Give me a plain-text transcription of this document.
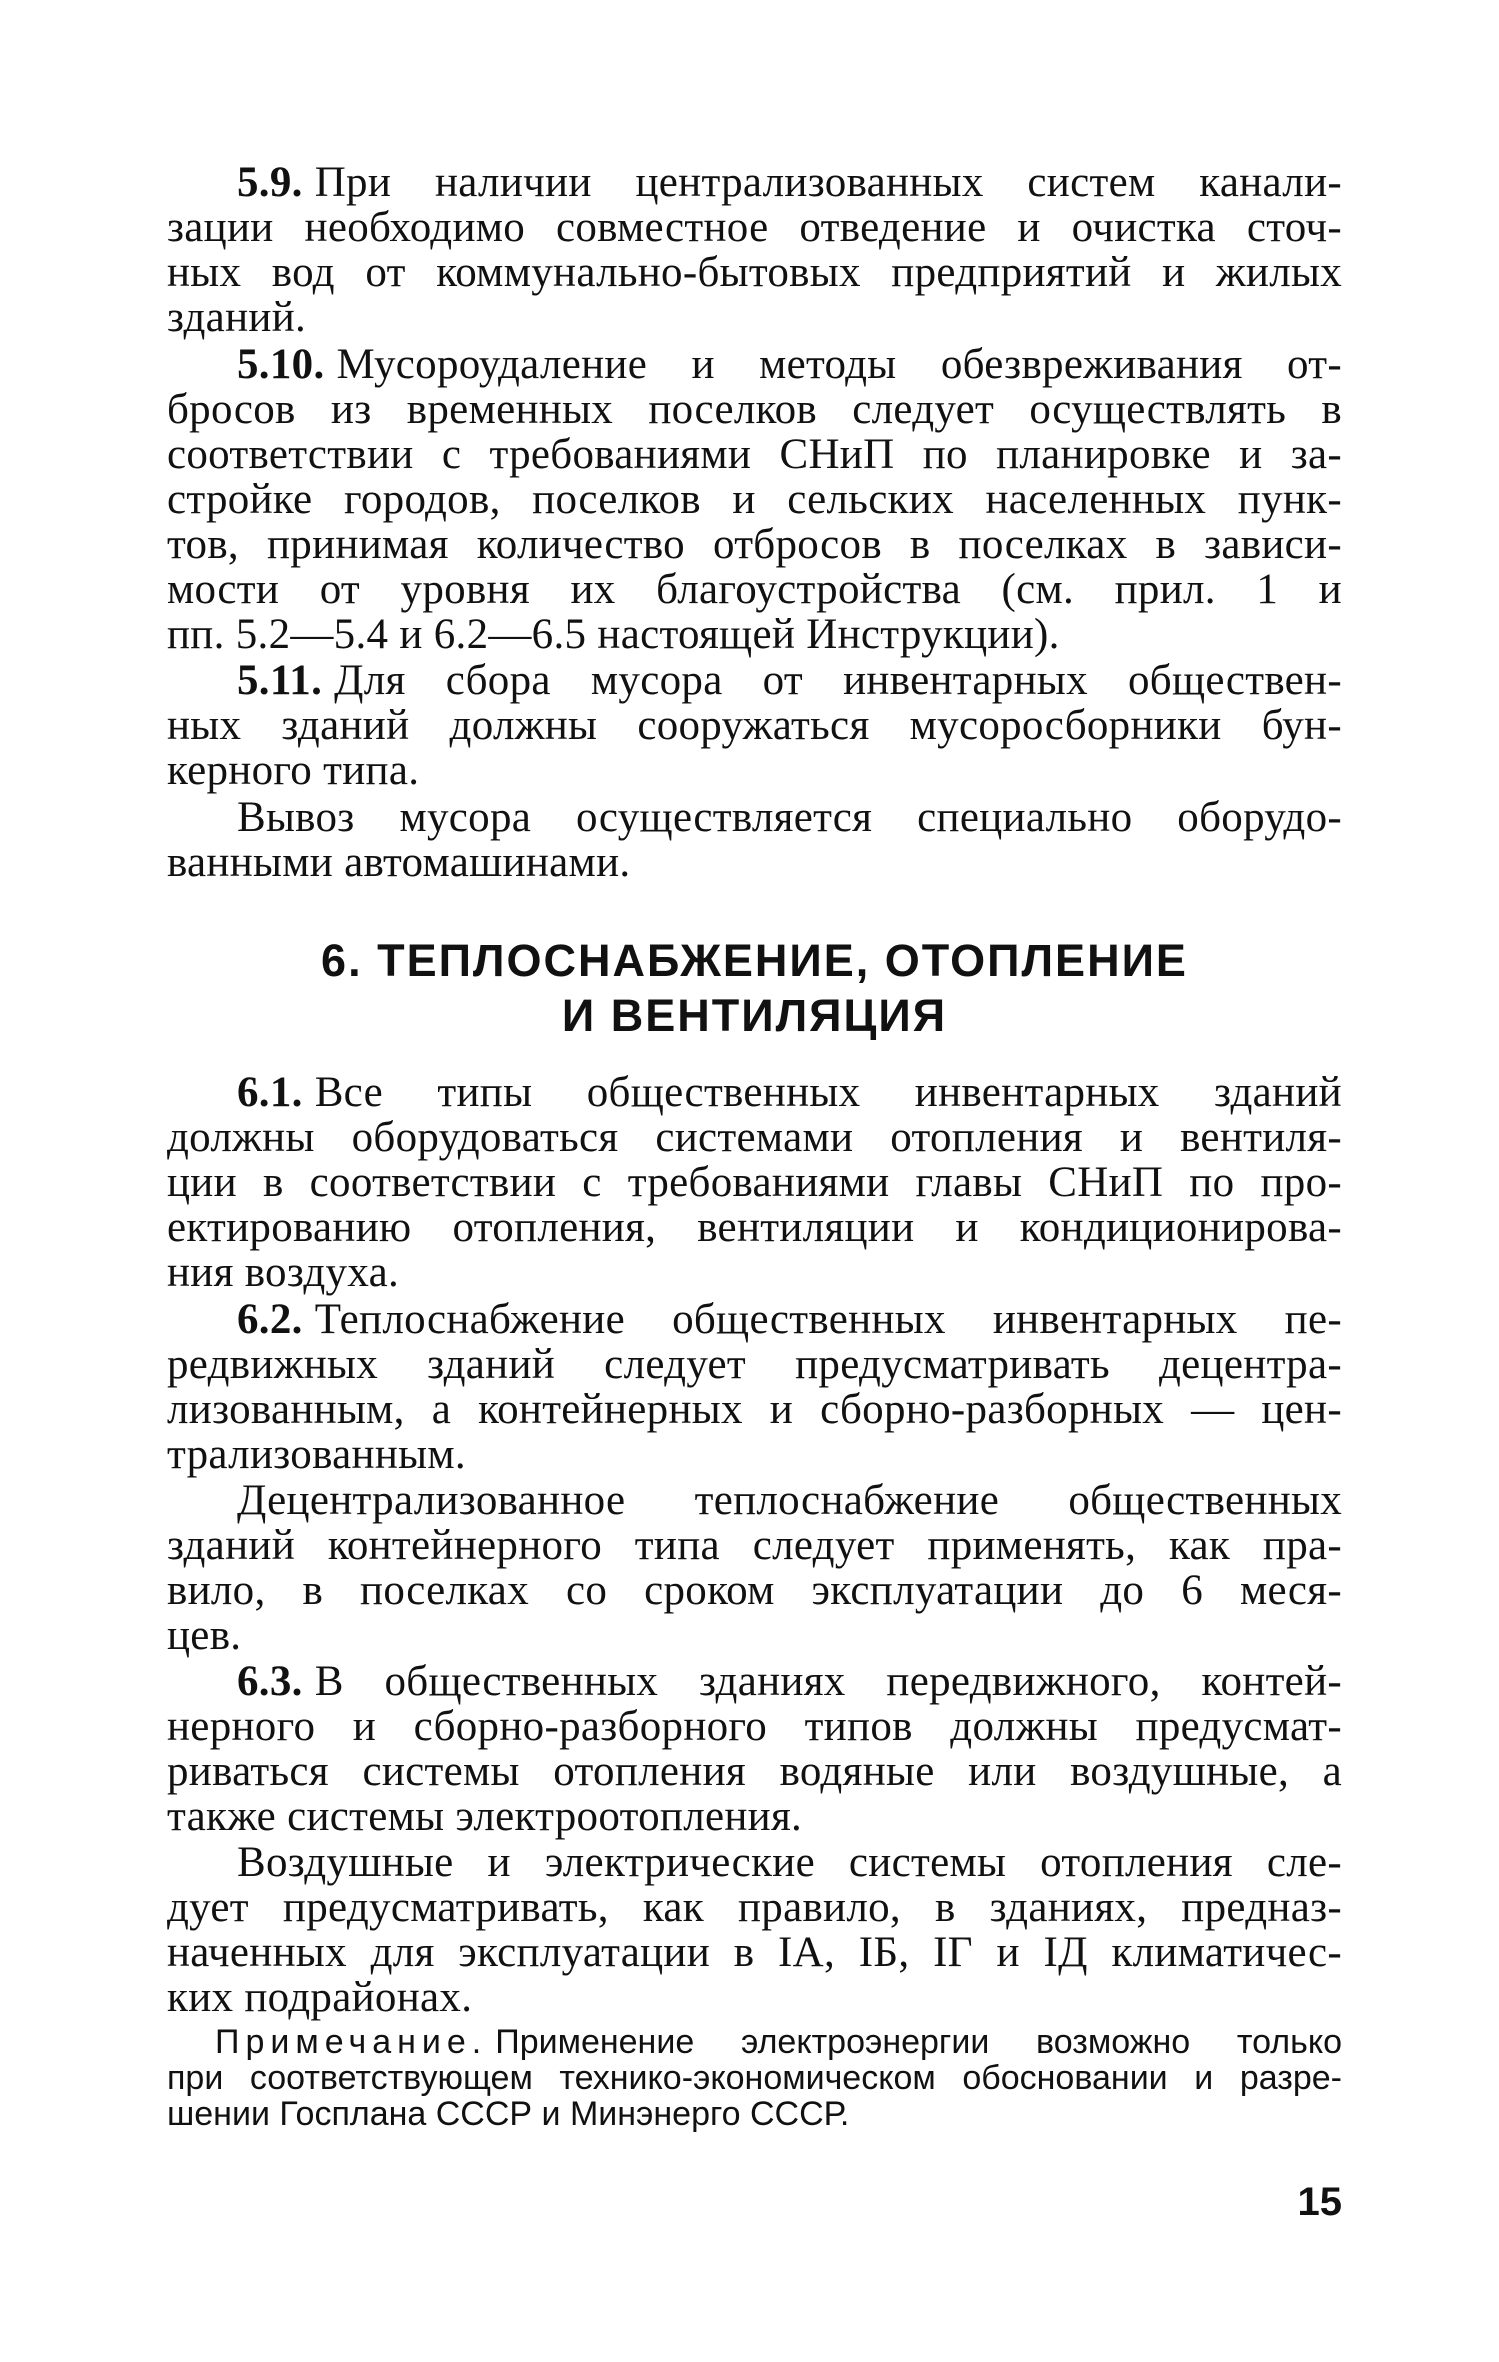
5.9. При наличии централизованных систем канали-
зации необходимо совместное отведение и очистка сточ-
ных вод от коммунально-бытовых предприятий и жилых
зданий.
5.10. Мусороудаление и методы обезвреживания от-
бросов из временных поселков следует осуществлять в
соответствии с требованиями СНиП по планировке и за-
стройке городов, поселков и сельских населенных пунк-
тов, принимая количество отбросов в поселках в зависи-
мости от уровня их благоустройства (см. прил. 1 и
пп. 5.2—5.4 и 6.2—6.5 настоящей Инструкции).
5.11. Для сбора мусора от инвентарных обществен-
ных зданий должны сооружаться мусоросборники бун-
керного типа.
Вывоз мусора осуществляется специально оборудо-
ванными автомашинами.
6. ТЕПЛОСНАБЖЕНИЕ, ОТОПЛЕНИЕ
И ВЕНТИЛЯЦИЯ
6.1. Все типы общественных инвентарных зданий
должны оборудоваться системами отопления и вентиля-
ции в соответствии с требованиями главы СНиП по про-
ектированию отопления, вентиляции и кондиционирова-
ния воздуха.
6.2. Теплоснабжение общественных инвентарных пе-
редвижных зданий следует предусматривать децентра-
лизованным, а контейнерных и сборно-разборных — цен-
трализованным.
Децентрализованное теплоснабжение общественных
зданий контейнерного типа следует применять, как пра-
вило, в поселках со сроком эксплуатации до 6 меся-
цев.
6.3. В общественных зданиях передвижного, контей-
нерного и сборно-разборного типов должны предусмат-
риваться системы отопления водяные или воздушные, а
также системы электроотопления.
Воздушные и электрические системы отопления сле-
дует предусматривать, как правило, в зданиях, предназ-
наченных для эксплуатации в IA, IБ, IГ и IД климатичес-
ких подрайонах.
Примечание. Применение электроэнергии возможно только
при соответствующем технико-экономическом обосновании и разре-
шении Госплана СССР и Минэнерго СССР.
15
